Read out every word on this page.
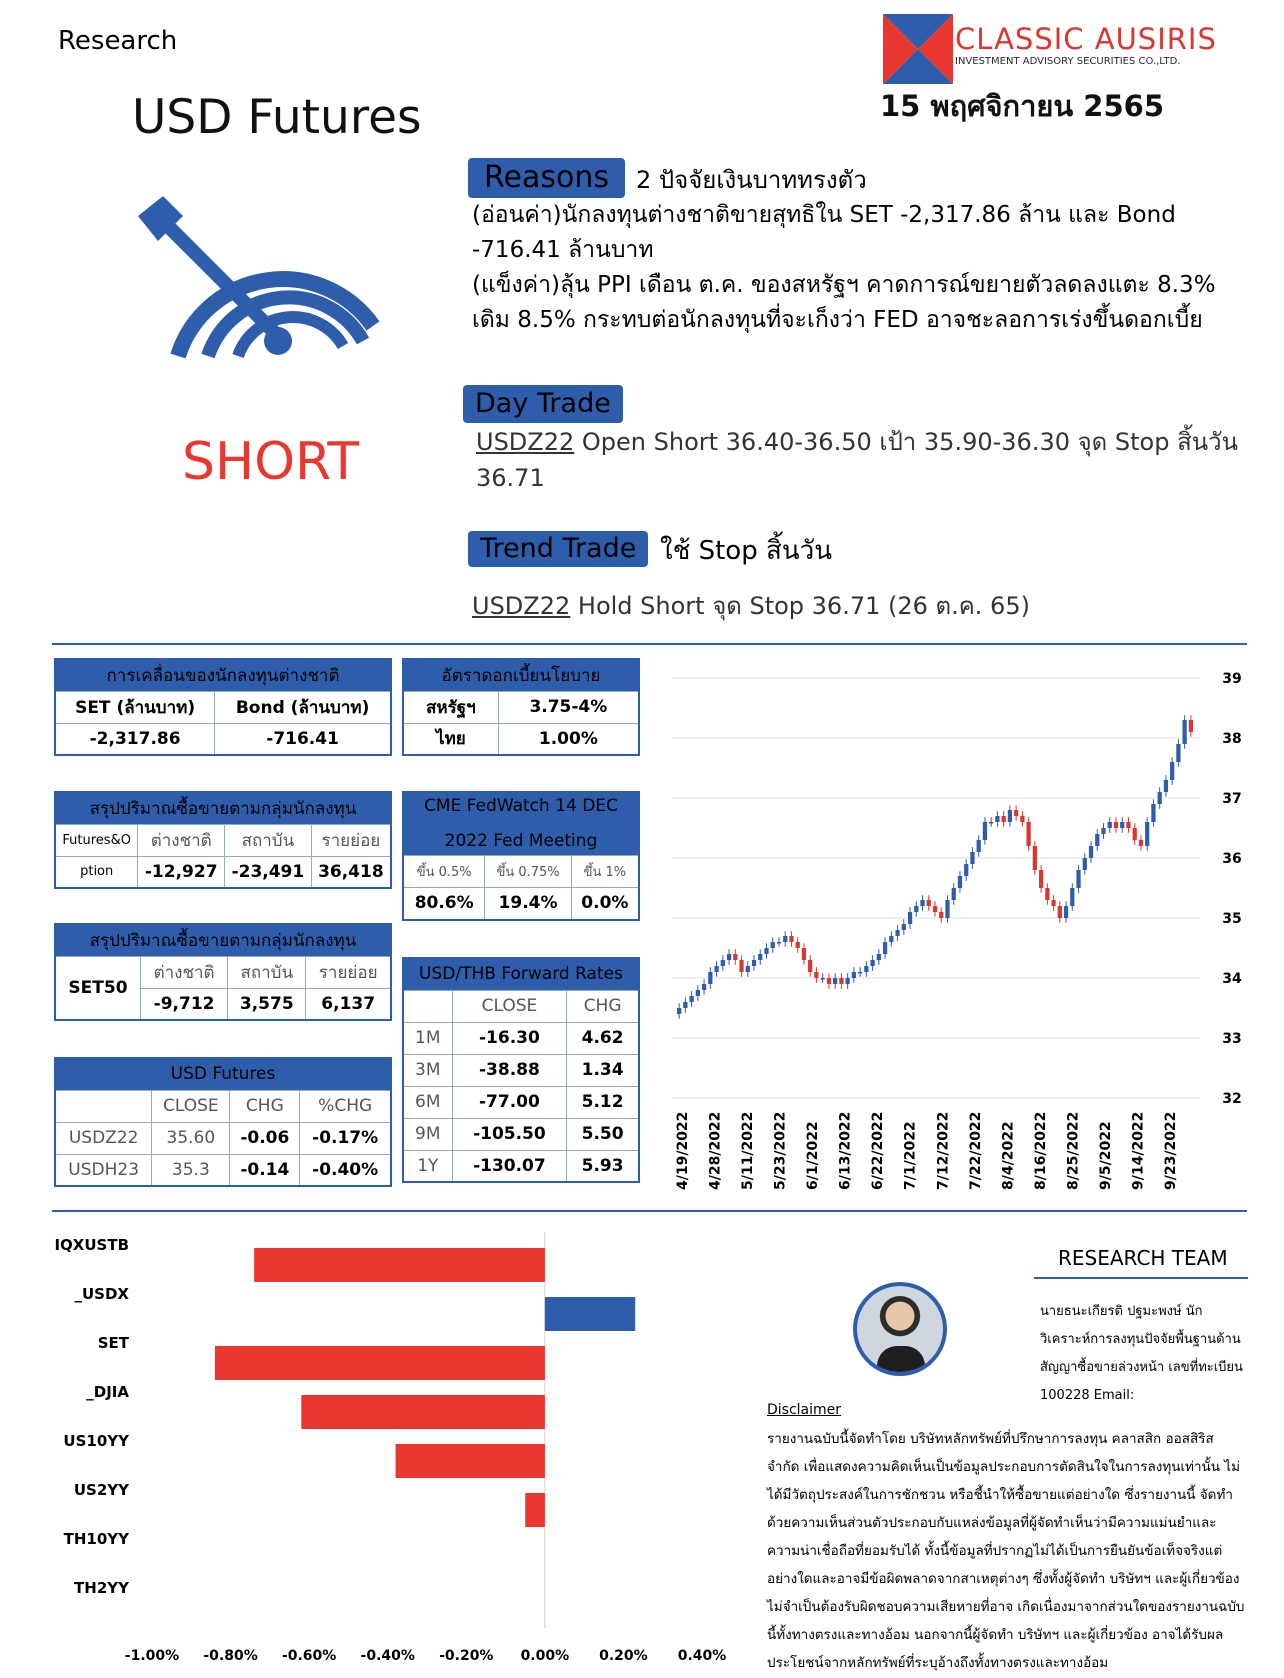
Research
USD Futures
CLASSIC AUSIRIS
INVESTMENT ADVISORY SECURITIES CO.,LTD.
15 พฤศจิกายน 2565
SHORT
Reasons	2 ปัจจัยเงินบาททรงตัว
(อ่อนค่า)นักลงทุนต่างชาติขายสุทธิใน SET -2,317.86 ล้าน และ Bond -716.41 ล้านบาท
(แข็งค่า)ลุ้น PPI เดือน ต.ค. ของสหรัฐฯ คาดการณ์ขยายตัวลดลงแตะ 8.3% เดิม 8.5% กระทบต่อนักลงทุนที่จะเก็งว่า FED อาจชะลอการเร่งขึ้นดอกเบี้ย
Day Trade
USDZ22 Open Short 36.40-36.50 เป้า 35.90-36.30 จุด Stop สิ้นวัน 36.71
Trend Trade ใช้ Stop สิ้นวัน
USDZ22 Hold Short จุด Stop 36.71 (26 ต.ค. 65)
การเคลื่อนของนักลงทุนต่างชาติ	
SET (ล้านบาท)	Bond (ล้านบาท)
-2,317.86	-716.41
อัตราดอกเบี้ยนโยบาย	
สหรัฐฯ	3.75-4%
ไทย	1.00%
สรุปปริมาณซื้อขายตามกลุ่มนักลงทุน			
Futures&O	ต่างชาติ	สถาบัน	รายย่อย
ption	-12,927	-23,491	36,418
CME FedWatch 14 DEC
2022 Fed Meeting		

ขึ้น 0.5%	ขึ้น 0.75%	ขึ้น 1%
80.6%	19.4%	0.0%
สรุปปริมาณซื้อขายตามกลุ่มนักลงทุน			
SET50	ต่างชาติ	สถาบัน	รายย่อย
	-9,712	3,575	6,137
USD/THB Forward Rates		
	CLOSE	CHG
1M	-16.30	4.62
3M	-38.88	1.34
6M	-77.00	5.12
9M	-105.50	5.50
1Y	-130.07	5.93
USD Futures			
	CLOSE	CHG	%CHG
USDZ22	35.60	-0.06	-0.17%
USDH23	35.3	-0.14	-0.40%
32
33
34
35
36
37
38
39
4/19/2022 4/28/2022 5/11/2022 5/23/2022 6/1/2022 6/13/2022 6/22/2022 7/1/2022 7/12/2022 7/22/2022 8/4/2022 8/16/2022 8/25/2022 9/5/2022 9/14/2022 9/23/2022
IQXUSTB
_USDX
SET
_DJIA
US10YY
US2YY
TH10YY
TH2YY
-1.00% -0.80% -0.60% -0.40% -0.20% 0.00% 0.20% 0.40%
RESEARCH TEAM
นายธนะเกียรติ ปฐมะพงษ์ นักวิเคราะห์การลงทุนปัจจัยพื้นฐานด้านสัญญาซื้อขายล่วงหน้า เลขที่ทะเบียน 100228 Email:
Disclaimer
รายงานฉบับนี้จัดทำโดย บริษัทหลักทรัพย์ที่ปรึกษาการลงทุน คลาสสิก ออสสิริส จำกัด เพื่อแสดงความคิดเห็นเป็นข้อมูลประกอบการตัดสินใจในการลงทุนเท่านั้น ไม่ได้มีวัตถุประสงค์ในการชักชวน หรือชี้นำให้ซื้อขายแต่อย่างใด ซึ่งรายงานนี้ จัดทำด้วยความเห็นส่วนตัวประกอบกับแหล่งข้อมูลที่ผู้จัดทำเห็นว่ามีความแม่นยำและความน่าเชื่อถือที่ยอมรับได้ ทั้งนี้ข้อมูลที่ปรากฏไม่ได้เป็นการยืนยันข้อเท็จจริงแต่อย่างใดและอาจมีข้อผิดพลาดจากสาเหตุต่างๆ ซึ่งทั้งผู้จัดทำ บริษัทฯ และผู้เกี่ยวข้องไม่จำเป็นต้องรับผิดชอบความเสียหายที่อาจ เกิดเนื่องมาจากส่วนใดของรายงานฉบับนี้ทั้งทางตรงและทางอ้อม นอกจากนี้ผู้จัดทำ บริษัทฯ และผู้เกี่ยวข้อง อาจได้รับผลประโยชน์จากหลักทรัพย์ที่ระบุอ้างถึงทั้งทางตรงและทางอ้อม
